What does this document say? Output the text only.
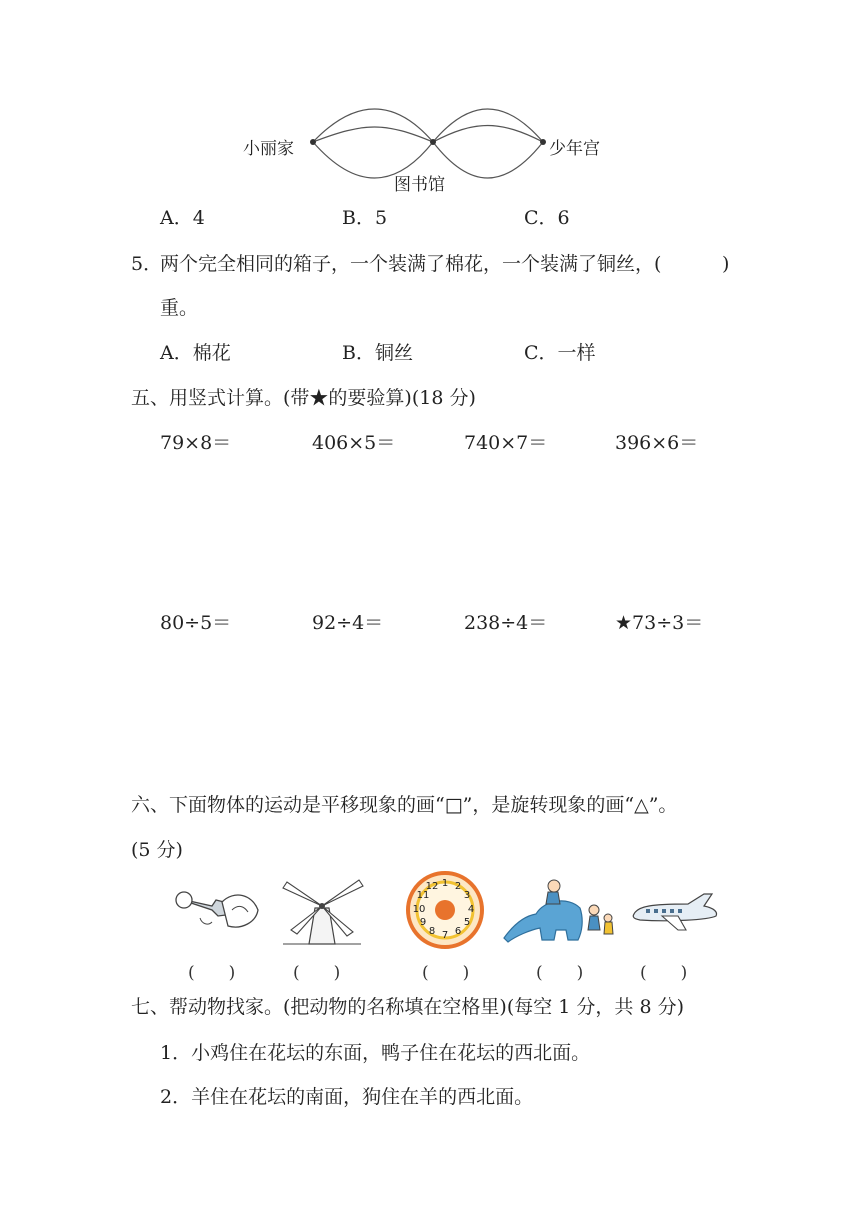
小丽家	少年宫
图书馆
A．4	B．5	C．6
5．
两个完全相同的箱子，一个装满了棉花，一个装满了铜丝，(	)
重。
A．棉花	B．铜丝	C．一样
五、用竖式计算。(带★的要验算)(18 分)
79×8＝	406×5＝	740×7＝	396×6＝
80÷5＝	92÷4＝	238÷4＝	★73÷3＝
六、下面物体的运动是平移现象的画“□”，是旋转现象的画“△”。
(5 分)
1 2
3
4
5
6
7
8
9
10
11
12
(　　)	(　　)	(　　)	(　　)	(　　)
七、帮动物找家。(把动物的名称填在空格里)(每空 1 分，共 8 分)
1．小鸡住在花坛的东面，鸭子住在花坛的西北面。
2．羊住在花坛的南面，狗住在羊的西北面。
